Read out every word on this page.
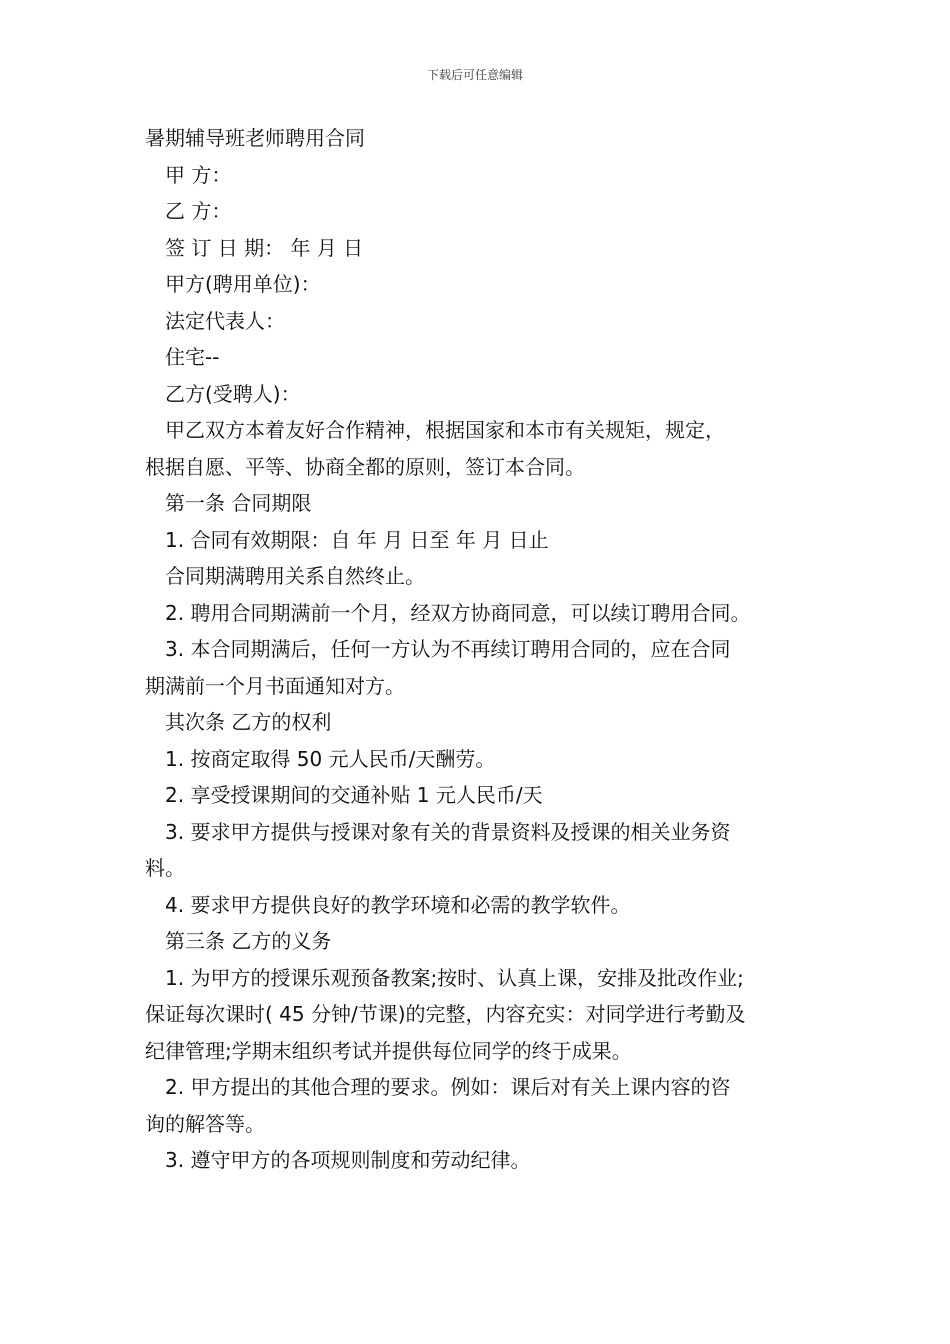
下载后可任意编辑

暑期辅导班老师聘用合同

甲 方：

乙 方：

签 订 日 期： 年 月 日

甲方(聘用单位)：

法定代表人：

住宅--

乙方(受聘人)：

甲乙双方本着友好合作精神，根据国家和本市有关规矩，规定，

根据自愿、平等、协商全都的原则，签订本合同。

第一条 合同期限

1. 合同有效期限：自 年 月 日至 年 月 日止

合同期满聘用关系自然终止。

2. 聘用合同期满前一个月，经双方协商同意，可以续订聘用合同。

3. 本合同期满后，任何一方认为不再续订聘用合同的，应在合同

期满前一个月书面通知对方。

其次条 乙方的权利

1. 按商定取得 50 元人民币/天酬劳。

2. 享受授课期间的交通补贴 1 元人民币/天

3. 要求甲方提供与授课对象有关的背景资料及授课的相关业务资

料。

4. 要求甲方提供良好的教学环境和必需的教学软件。

第三条 乙方的义务

1. 为甲方的授课乐观预备教案;按时、认真上课，安排及批改作业;

保证每次课时( 45 分钟/节课)的完整，内容充实：对同学进行考勤及

纪律管理;学期末组织考试并提供每位同学的终于成果。

2. 甲方提出的其他合理的要求。例如：课后对有关上课内容的咨

询的解答等。

3. 遵守甲方的各项规则制度和劳动纪律。
